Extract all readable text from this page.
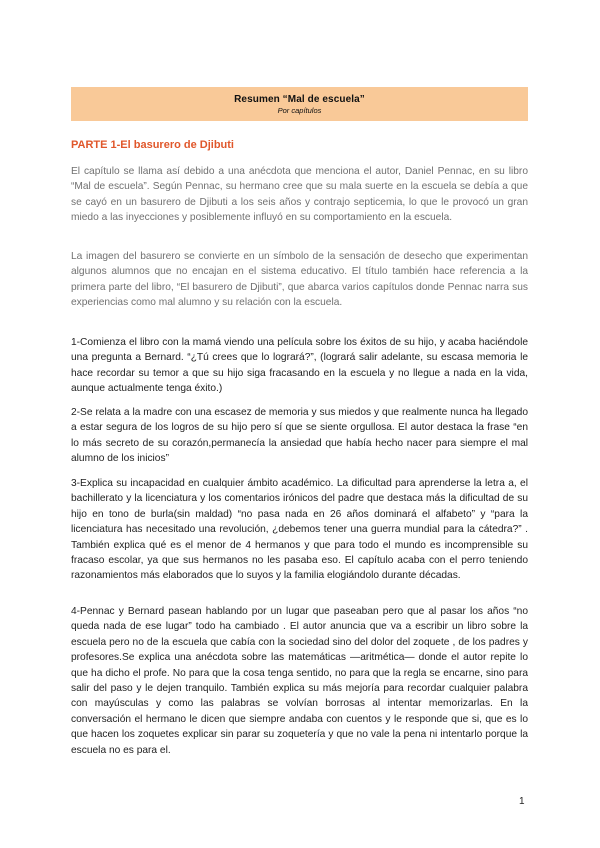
Resumen “Mal de escuela”
Por capítulos
PARTE 1-El basurero de Djibuti

El capítulo se llama así debido a una anécdota que menciona el autor, Daniel Pennac, en su libro “Mal de escuela”. Según Pennac, su hermano cree que su mala suerte en la escuela se debía a que se cayó en un basurero de Djibuti a los seis años y contrajo septicemia, lo que le provocó un gran miedo a las inyecciones y posiblemente influyó en su comportamiento en la escuela.

La imagen del basurero se convierte en un símbolo de la sensación de desecho que experimentan algunos alumnos que no encajan en el sistema educativo. El título también hace referencia a la primera parte del libro, “El basurero de Djibuti”, que abarca varios capítulos donde Pennac narra sus experiencias como mal alumno y su relación con la escuela.

1-Comienza el libro con la mamá viendo una película sobre los éxitos de su hijo, y acaba haciéndole una pregunta a Bernard. “¿Tú crees que lo logrará?”, (logrará salir adelante, su escasa memoria le hace recordar su temor a que su hijo siga fracasando en la escuela y no llegue a nada en la vida, aunque actualmente tenga éxito.)

2-Se relata a la madre con una escasez de memoria y sus miedos y que realmente nunca ha llegado a estar segura de los logros de su hijo pero sí que se siente orgullosa. El autor destaca la frase “en lo más secreto de su corazón,permanecía la ansiedad que había hecho nacer para siempre el mal alumno de los inicios”

3-Explica su incapacidad en cualquier ámbito académico. La dificultad para aprenderse la letra a, el bachillerato y la licenciatura y los comentarios irónicos del padre que destaca más la dificultad de su hijo en tono de burla(sin maldad) “no pasa nada en 26 años dominará el alfabeto” y “para la licenciatura has necesitado una revolución, ¿debemos tener una guerra mundial para la cátedra?” . También explica qué es el menor de 4 hermanos y que para todo el mundo es incomprensible su fracaso escolar, ya que sus hermanos no les pasaba eso. El capítulo acaba con el perro teniendo razonamientos más elaborados que lo suyos y la familia elogiándolo durante décadas.

4-Pennac y Bernard pasean hablando por un lugar que paseaban pero que al pasar los años “no queda nada de ese lugar” todo ha cambiado . El autor anuncia que va a escribir un libro sobre la escuela pero no de la escuela que cabía con la sociedad sino del dolor del zoquete , de los padres y profesores.Se explica una anécdota sobre las matemáticas —aritmética— donde el autor repite lo que ha dicho el profe. No para que la cosa tenga sentido, no para que la regla se encarne, sino para salir del paso y le dejen tranquilo. También explica su más mejoría para recordar cualquier palabra con mayúsculas y como las palabras se volvían borrosas al intentar memorizarlas. En la conversación el hermano le dicen que siempre andaba con cuentos y le responde que si, que es lo que hacen los zoquetes explicar sin parar su zoquetería y que no vale la pena ni intentarlo porque la escuela no es para el.

1
